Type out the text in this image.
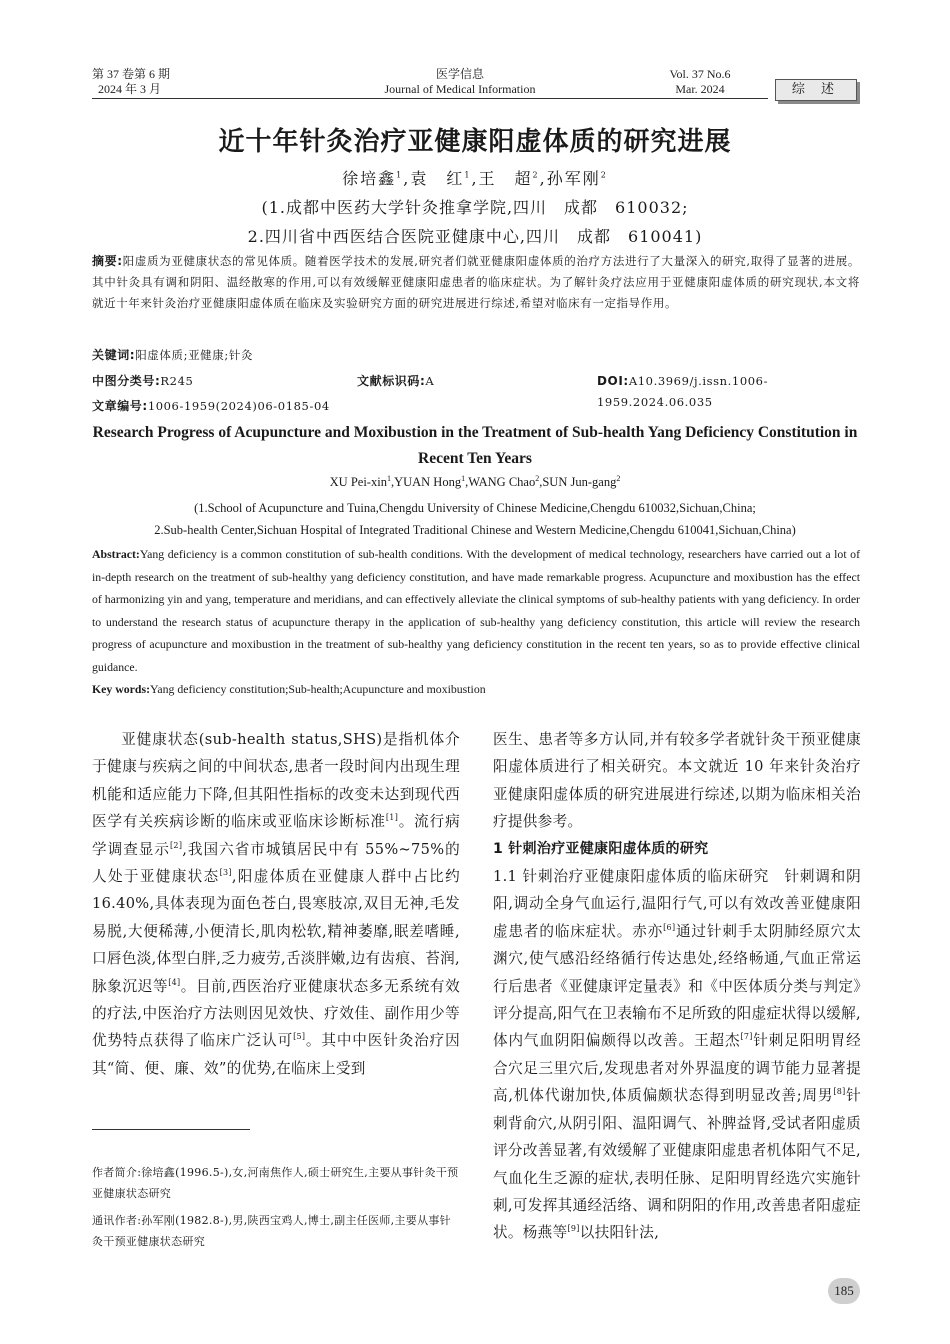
第 37 卷第 6 期
2024 年 3 月
医学信息
Journal of Medical Information
Vol. 37 No.6
Mar. 2024	综 述
近十年针灸治疗亚健康阳虚体质的研究进展
徐培鑫$^1$,袁　红$^1$,王　超$^2$,孙军刚$^2$
(1.成都中医药大学针灸推拿学院,四川　成都　610032;
2.四川省中西医结合医院亚健康中心,四川　成都　610041)
摘要:阳虚质为亚健康状态的常见体质。随着医学技术的发展,研究者们就亚健康阳虚体质的治疗方法进行了大量深入的研究,取得了显著的进展。其中针灸具有调和阴阳、温经散寒的作用,可以有效缓解亚健康阳虚患者的临床症状。为了解针灸疗法应用于亚健康阳虚体质的研究现状,本文将就近十年来针灸治疗亚健康阳虚体质在临床及实验研究方面的研究进展进行综述,希望对临床有一定指导作用。
关键词:阳虚体质;亚健康;针灸
中图分类号:R245	文献标识码:A	DOI:A10.3969/j.issn.1006-1959.2024.06.035
文章编号:1006-1959(2024)06-0185-04
Research Progress of Acupuncture and Moxibustion in the Treatment of Sub-health Yang Deficiency Constitution in Recent Ten Years
XU Pei-xin$^1$,YUAN Hong$^1$,WANG Chao$^2$,SUN Jun-gang$^2$
(1.School of Acupuncture and Tuina,Chengdu University of Chinese Medicine,Chengdu 610032,Sichuan,China;
2.Sub-health Center,Sichuan Hospital of Integrated Traditional Chinese and Western Medicine,Chengdu 610041,Sichuan,China)
Abstract:Yang deficiency is a common constitution of sub-health conditions. With the development of medical technology, researchers have carried out a lot of in-depth research on the treatment of sub-healthy yang deficiency constitution, and have made remarkable progress. Acupuncture and moxibustion has the effect of harmonizing yin and yang, temperature and meridians, and can effectively alleviate the clinical symptoms of sub-healthy patients with yang deficiency. In order to understand the research status of acupuncture therapy in the application of sub-healthy yang deficiency constitution, this article will review the research progress of acupuncture and moxibustion in the treatment of sub-healthy yang deficiency constitution in the recent ten years, so as to provide effective clinical guidance.
Key words:Yang deficiency constitution;Sub-health;Acupuncture and moxibustion

亚健康状态(sub-health status,SHS)是指机体介于健康与疾病之间的中间状态,患者一段时间内出现生理机能和适应能力下降,但其阳性指标的改变未达到现代西医学有关疾病诊断的临床或亚临床诊断标准[1]。流行病学调查显示[2],我国六省市城镇居民中有 55%~75%的人处于亚健康状态[3],阳虚体质在亚健康人群中占比约 16.40%,具体表现为面色苍白,畏寒肢凉,双目无神,毛发易脱,大便稀薄,小便清长,肌肉松软,精神萎靡,眠差嗜睡,口唇色淡,体型白胖,乏力疲劳,舌淡胖嫩,边有齿痕、苔润,脉象沉迟等[4]。目前,西医治疗亚健康状态多无系统有效的疗法,中医治疗方法则因见效快、疗效佳、副作用少等优势特点获得了临床广泛认可[5]。其中中医针灸治疗因其“简、便、廉、效”的优势,在临床上受到

医生、患者等多方认同,并有较多学者就针灸干预亚健康阳虚体质进行了相关研究。本文就近 10 年来针灸治疗亚健康阳虚体质的研究进展进行综述,以期为临床相关治疗提供参考。

1 针刺治疗亚健康阳虚体质的研究

1.1 针刺治疗亚健康阳虚体质的临床研究　 针刺调和阴阳,调动全身气血运行,温阳行气,可以有效改善亚健康阳虚患者的临床症状。赤亦[6]通过针刺手太阴肺经原穴太渊穴,使气感沿经络循行传达患处,经络畅通,气血正常运行后患者《亚健康评定量表》和《中医体质分类与判定》评分提高,阳气在卫表输布不足所致的阳虚症状得以缓解,体内气血阴阳偏颇得以改善。王超杰[7]针刺足阳明胃经合穴足三里穴后,发现患者对外界温度的调节能力显著提高,机体代谢加快,体质偏颇状态得到明显改善;周男[8]针刺背俞穴,从阴引阳、温阳调气、补脾益肾,受试者阳虚质评分改善显著,有效缓解了亚健康阳虚患者机体阳气不足,气血化生乏源的症状,表明任脉、足阳明胃经选穴实施针刺,可发挥其通经活络、调和阴阳的作用,改善患者阳虚症状。杨燕等[9]以扶阳针法,

作者简介:徐培鑫(1996.5-),女,河南焦作人,硕士研究生,主要从事针灸干预亚健康状态研究
通讯作者:孙军刚(1982.8-),男,陕西宝鸡人,博士,副主任医师,主要从事针灸干预亚健康状态研究
185
